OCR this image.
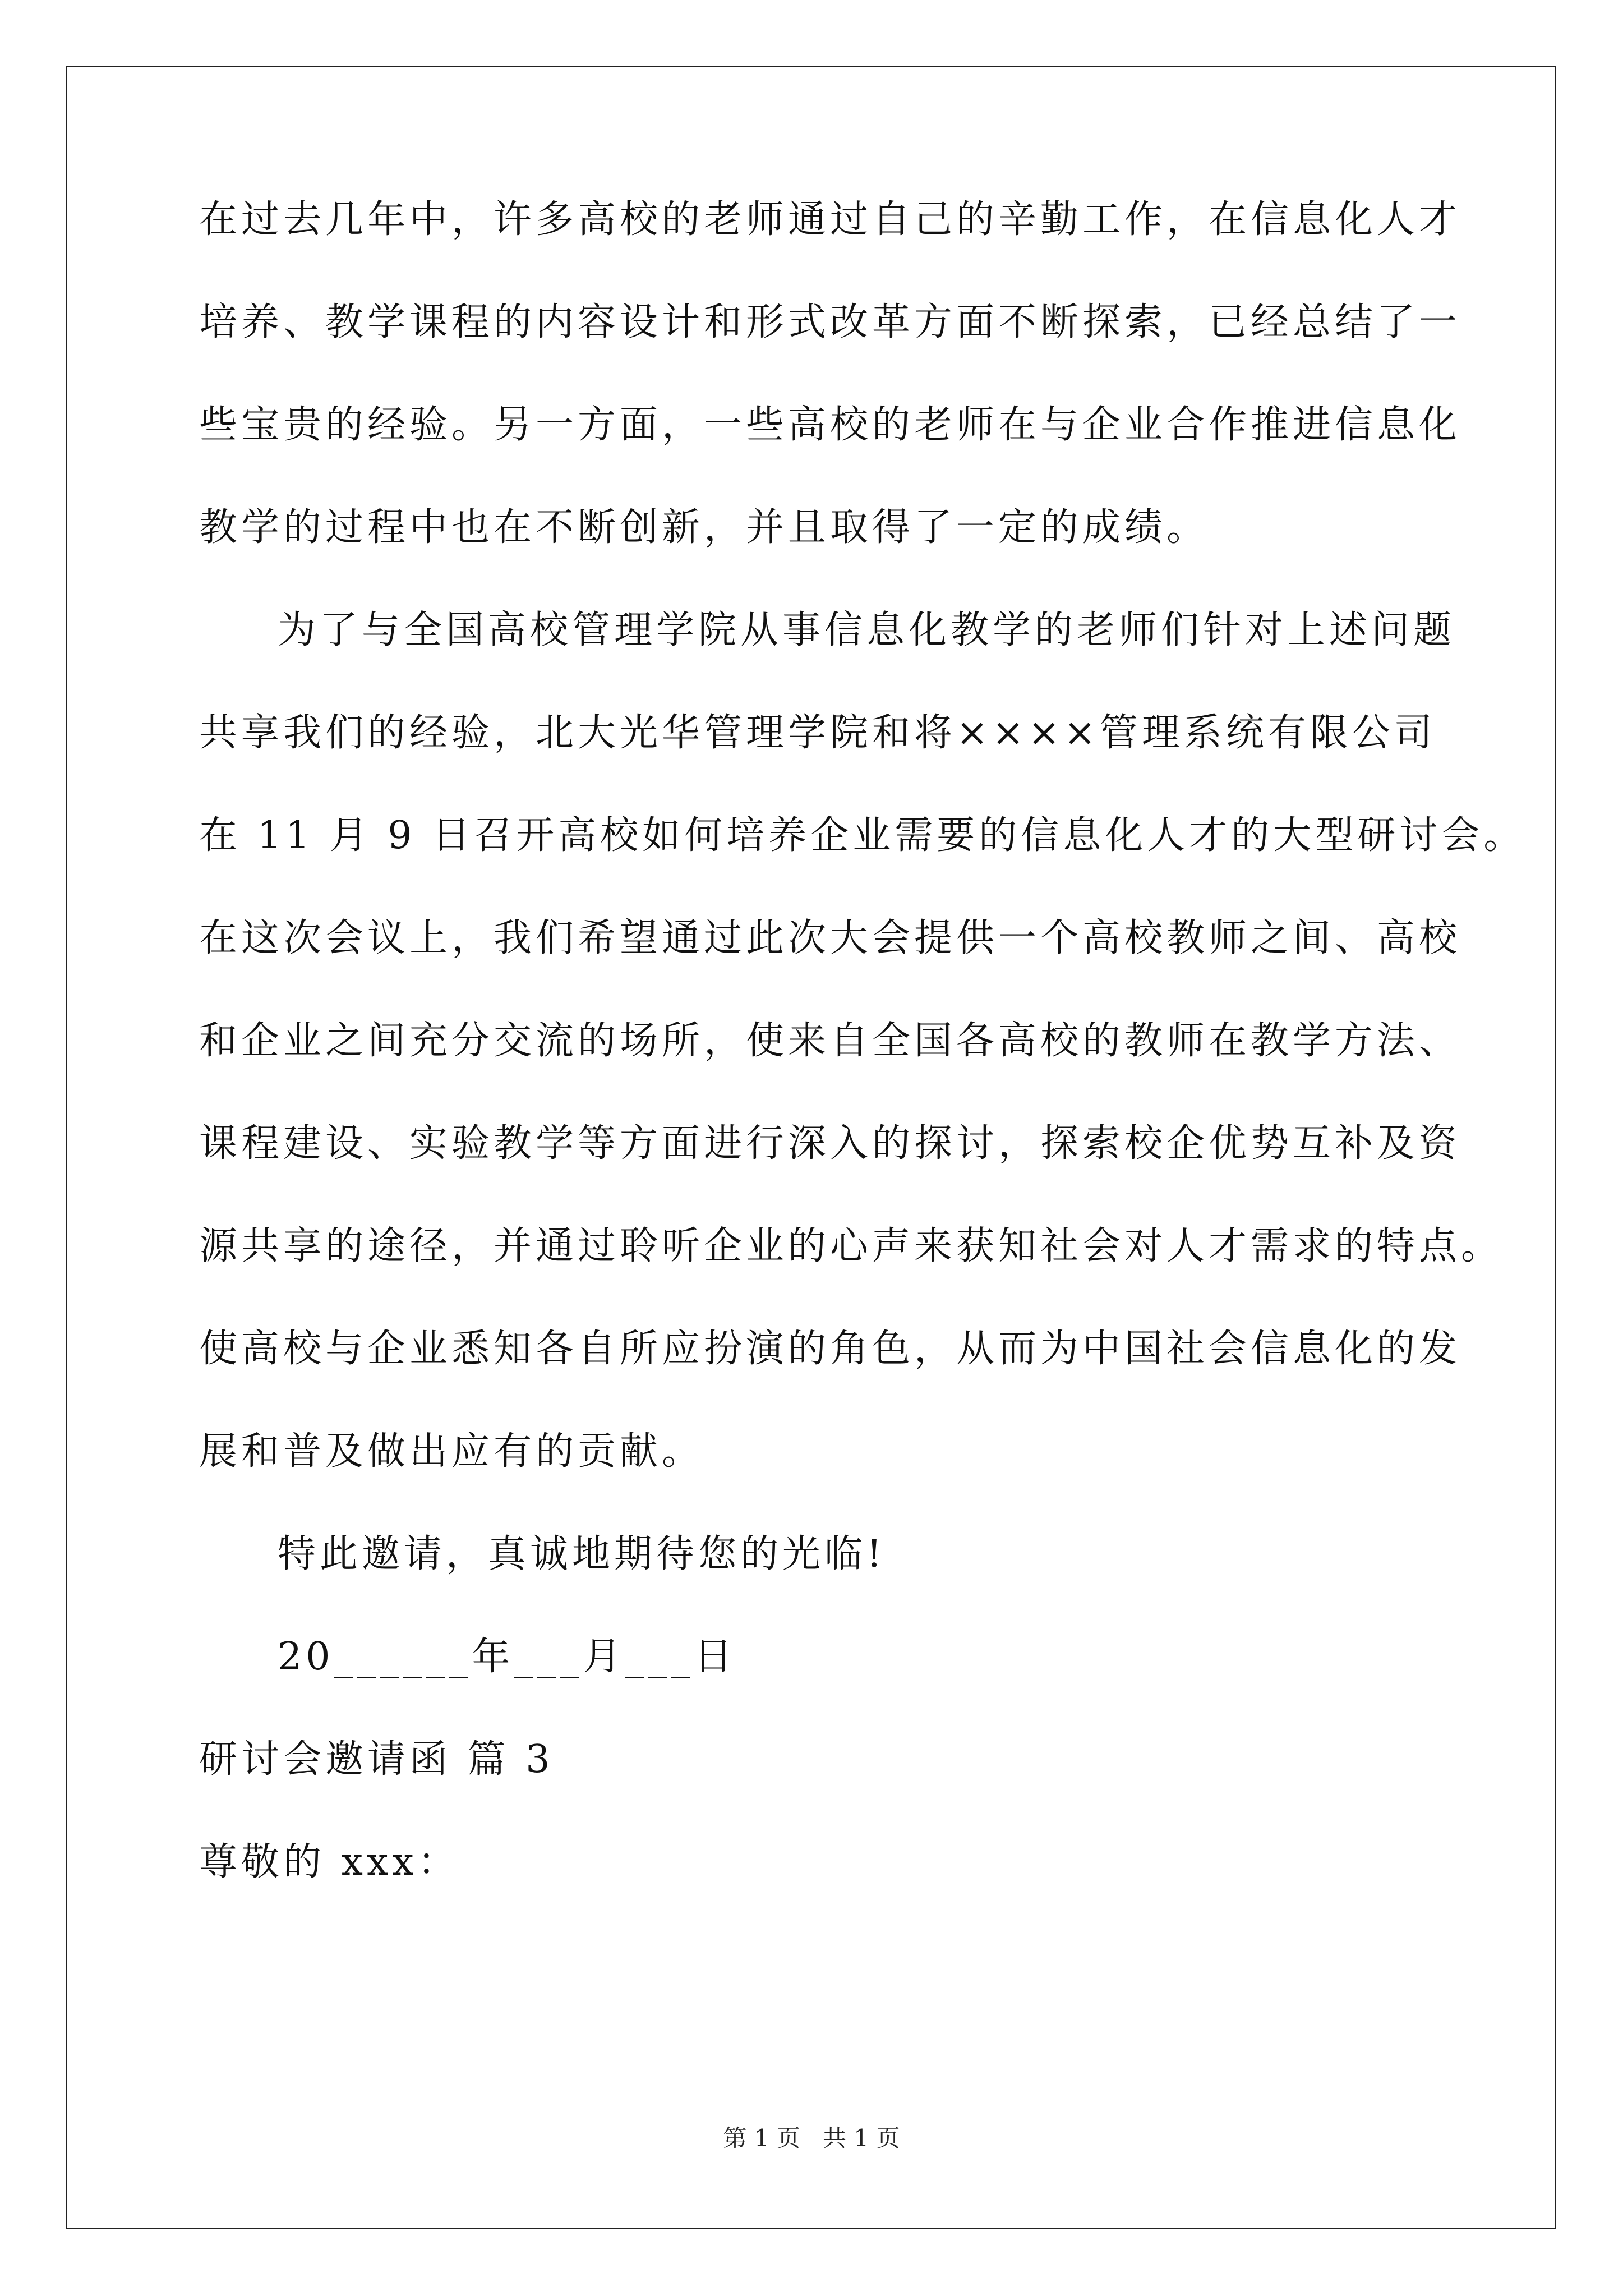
在过去几年中，许多高校的老师通过自己的辛勤工作，在信息化人才
培养、教学课程的内容设计和形式改革方面不断探索，已经总结了一
些宝贵的经验。另一方面，一些高校的老师在与企业合作推进信息化
教学的过程中也在不断创新，并且取得了一定的成绩。
为了与全国高校管理学院从事信息化教学的老师们针对上述问题
共享我们的经验，北大光华管理学院和将××××管理系统有限公司
在 11 月 9 日召开高校如何培养企业需要的信息化人才的大型研讨会。
在这次会议上，我们希望通过此次大会提供一个高校教师之间、高校
和企业之间充分交流的场所，使来自全国各高校的教师在教学方法、
课程建设、实验教学等方面进行深入的探讨，探索校企优势互补及资
源共享的途径，并通过聆听企业的心声来获知社会对人才需求的特点。
使高校与企业悉知各自所应扮演的角色，从而为中国社会信息化的发
展和普及做出应有的贡献。
特此邀请，真诚地期待您的光临!
20______年___月___日
研讨会邀请函 篇 3
尊敬的 xxx：
第 1 页   共 1 页
